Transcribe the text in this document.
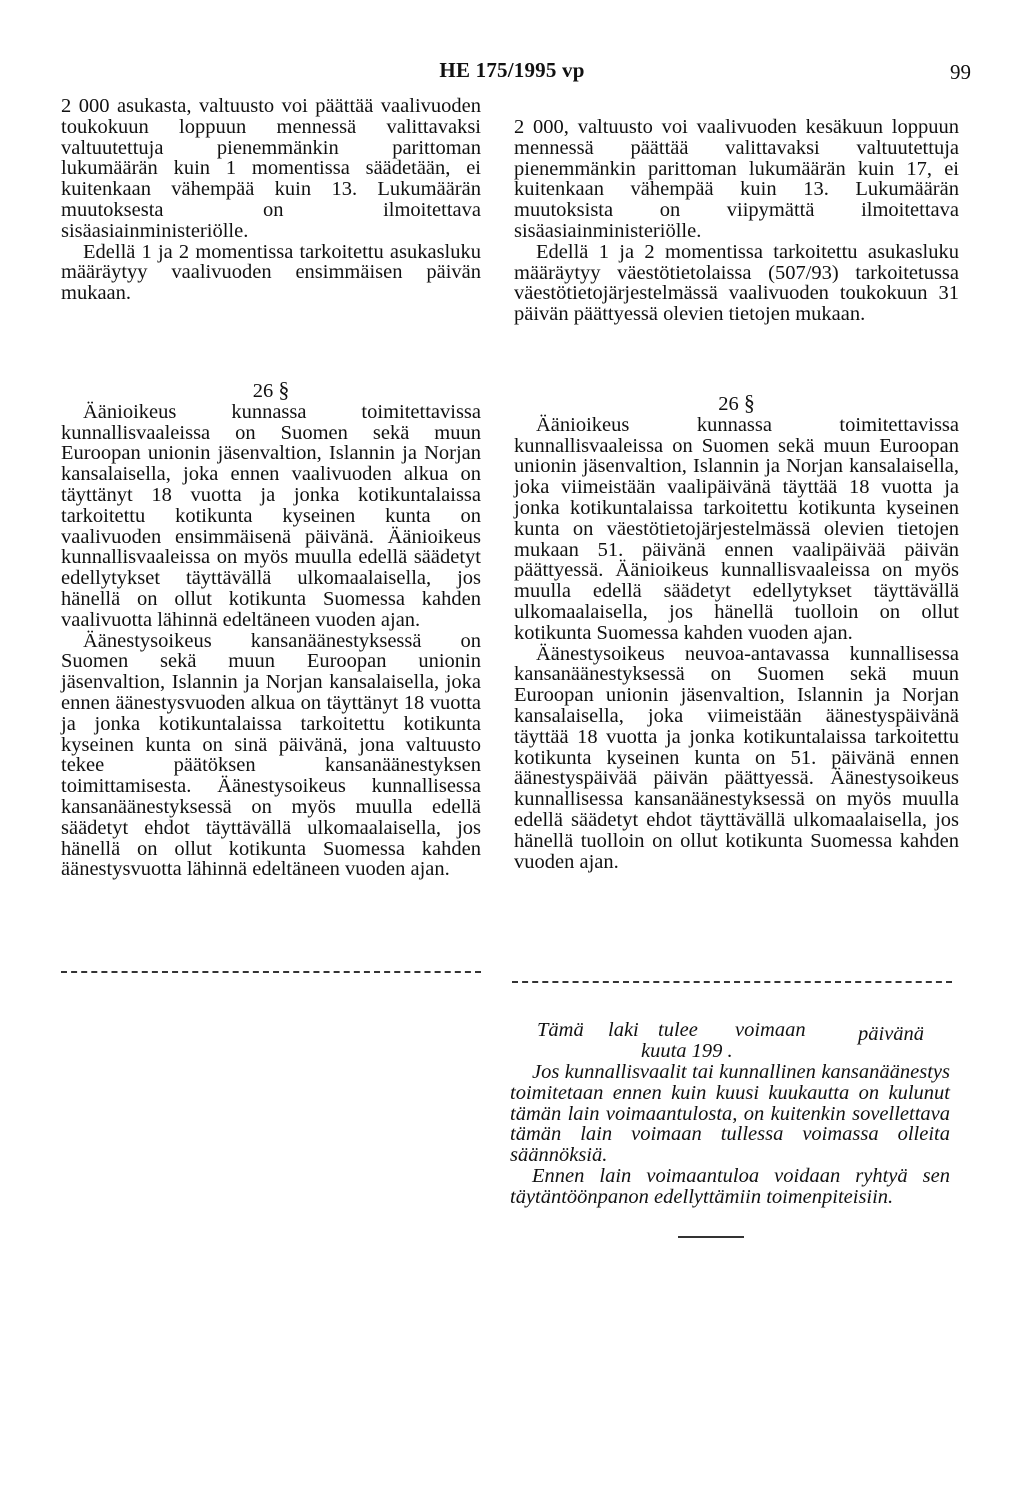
HE 175/1995 vp	99

2 000 asukasta, valtuusto voi päättää vaalivuoden toukokuun loppuun mennessä valittavaksi valtuutettuja pienemmänkin parittoman lukumäärän kuin 1 momentissa säädetään, ei kuitenkaan vähempää kuin 13. Lukumäärän muutoksesta on ilmoitettava sisäasiainministeriölle.

Edellä 1 ja 2 momentissa tarkoitettu asukasluku määräytyy vaalivuoden ensimmäisen päivän mukaan.

26 §

Äänioikeus kunnassa toimitettavissa kunnallisvaaleissa on Suomen sekä muun Euroopan unionin jäsenvaltion, Islannin ja Norjan kansalaisella, joka ennen vaalivuoden alkua on täyttänyt 18 vuotta ja jonka kotikuntalaissa tarkoitettu kotikunta kyseinen kunta on vaalivuoden ensimmäisenä päivänä. Äänioikeus kunnallisvaaleissa on myös muulla edellä säädetyt edellytykset täyttävällä ulkomaalaisella, jos hänellä on ollut kotikunta Suomessa kahden vaalivuotta lähinnä edeltäneen vuoden ajan.

Äänestysoikeus kansanäänestyksessä on Suomen sekä muun Euroopan unionin jäsenvaltion, Islannin ja Norjan kansalaisella, joka ennen äänestysvuoden alkua on täyttänyt 18 vuotta ja jonka kotikuntalaissa tarkoitettu kotikunta kyseinen kunta on sinä päivänä, jona valtuusto tekee päätöksen kansanäänestyksen toimittamisesta. Äänestysoikeus kunnallisessa kansanäänestyksessä on myös muulla edellä säädetyt ehdot täyttävällä ulkomaalaisella, jos hänellä on ollut kotikunta Suomessa kahden äänestysvuotta lähinnä edeltäneen vuoden ajan.

2 000, valtuusto voi vaalivuoden kesäkuun loppuun mennessä päättää valittavaksi valtuutettuja pienemmänkin parittoman lukumäärän kuin 17, ei kuitenkaan vähempää kuin 13. Lukumäärän muutoksista on viipymättä ilmoitettava sisäasiainministeriölle.

Edellä 1 ja 2 momentissa tarkoitettu asukasluku määräytyy väestötietolaissa (507/93) tarkoitetussa väestötietojärjestelmässä vaalivuoden toukokuun 31 päivän päättyessä olevien tietojen mukaan.

26 §

Äänioikeus kunnassa toimitettavissa kunnallisvaaleissa on Suomen sekä muun Euroopan unionin jäsenvaltion, Islannin ja Norjan kansalaisella, joka viimeistään vaalipäivänä täyttää 18 vuotta ja jonka kotikuntalaissa tarkoitettu kotikunta kyseinen kunta on väestötietojärjestelmässä olevien tietojen mukaan 51. päivänä ennen vaalipäivää päivän päättyessä. Äänioikeus kunnallisvaaleissa on myös muulla edellä säädetyt edellytykset täyttävällä ulkomaalaisella, jos hänellä tuolloin on ollut kotikunta Suomessa kahden vuoden ajan.

Äänestysoikeus neuvoa-antavassa kunnallisessa kansanäänestyksessä on Suomen sekä muun Euroopan unionin jäsenvaltion, Islannin ja Norjan kansalaisella, joka viimeistään äänestyspäivänä täyttää 18 vuotta ja jonka kotikuntalaissa tarkoitettu kotikunta kyseinen kunta on 51. päivänä ennen äänestyspäivää päivän päättyessä. Äänestysoikeus kunnallisessa kansanäänestyksessä on myös muulla edellä säädetyt ehdot täyttävällä ulkomaalaisella, jos hänellä tuolloin on ollut kotikunta Suomessa kahden vuoden ajan.

Tämä laki tulee voimaan	päivänä
kuuta 199 .

Jos kunnallisvaalit tai kunnallinen kansanäänestys toimitetaan ennen kuin kuusi kuukautta on kulunut tämän lain voimaantulosta, on kuitenkin sovellettava tämän lain voimaan tullessa voimassa olleita säännöksiä.

Ennen lain voimaantuloa voidaan ryhtyä sen täytäntöönpanon edellyttämiin toimenpiteisiin.
